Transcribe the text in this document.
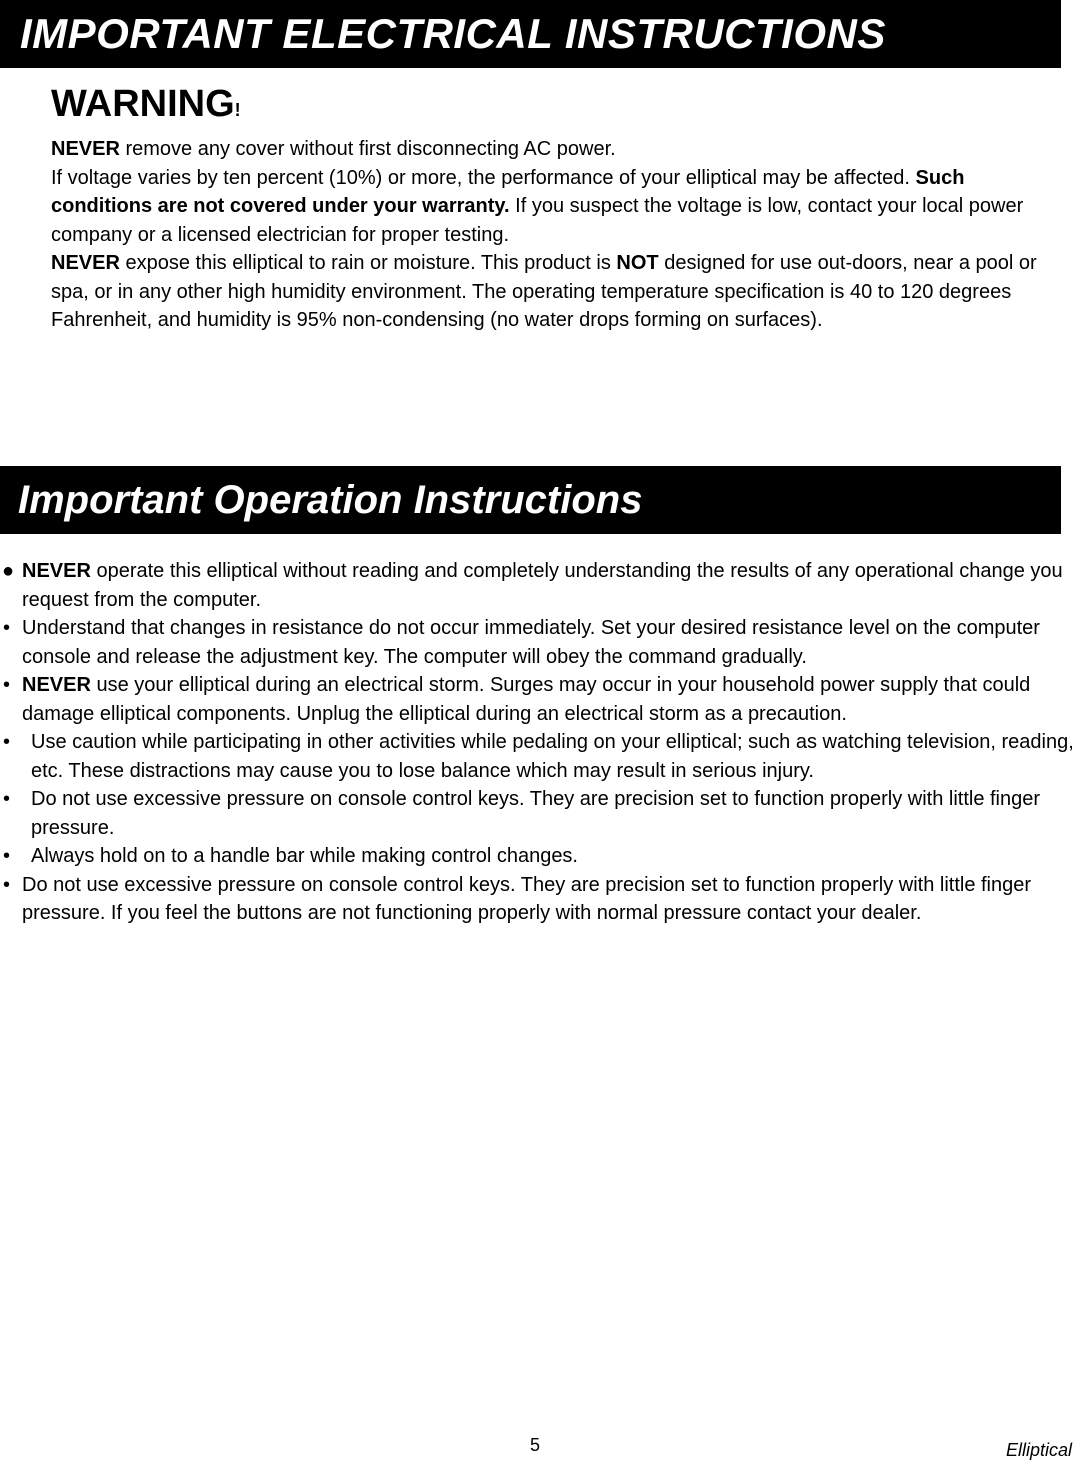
IMPORTANT ELECTRICAL INSTRUCTIONS
WARNING!

NEVER remove any cover without first disconnecting AC power.

If voltage varies by ten percent (10%) or more, the performance of your elliptical may be affected. Such conditions are not covered under your warranty. If you suspect the voltage is low, contact your local power company or a licensed electrician for proper testing.

NEVER expose this elliptical to rain or moisture. This product is NOT designed for use out-doors, near a pool or spa, or in any other high humidity environment. The operating temperature specification is 40 to 120 degrees Fahrenheit, and humidity is 95% non-condensing (no water drops forming on surfaces).

Important Operation Instructions
● NEVER operate this elliptical without reading and completely understanding the results of any operational change you request from the computer.
• Understand that changes in resistance do not occur immediately. Set your desired resistance level on the computer console and release the adjustment key. The computer will obey the command gradually.
• NEVER use your elliptical during an electrical storm. Surges may occur in your household power supply that could damage elliptical components. Unplug the elliptical during an electrical storm as a precaution.
• Use caution while participating in other activities while pedaling on your elliptical; such as watching television, reading, etc. These distractions may cause you to lose balance which may result in serious injury.
• Do not use excessive pressure on console control keys. They are precision set to function properly with little finger pressure.
• Always hold on to a handle bar while making control changes.
• Do not use excessive pressure on console control keys. They are precision set to function properly with little finger pressure. If you feel the buttons are not functioning properly with normal pressure contact your dealer.
5	Elliptical
